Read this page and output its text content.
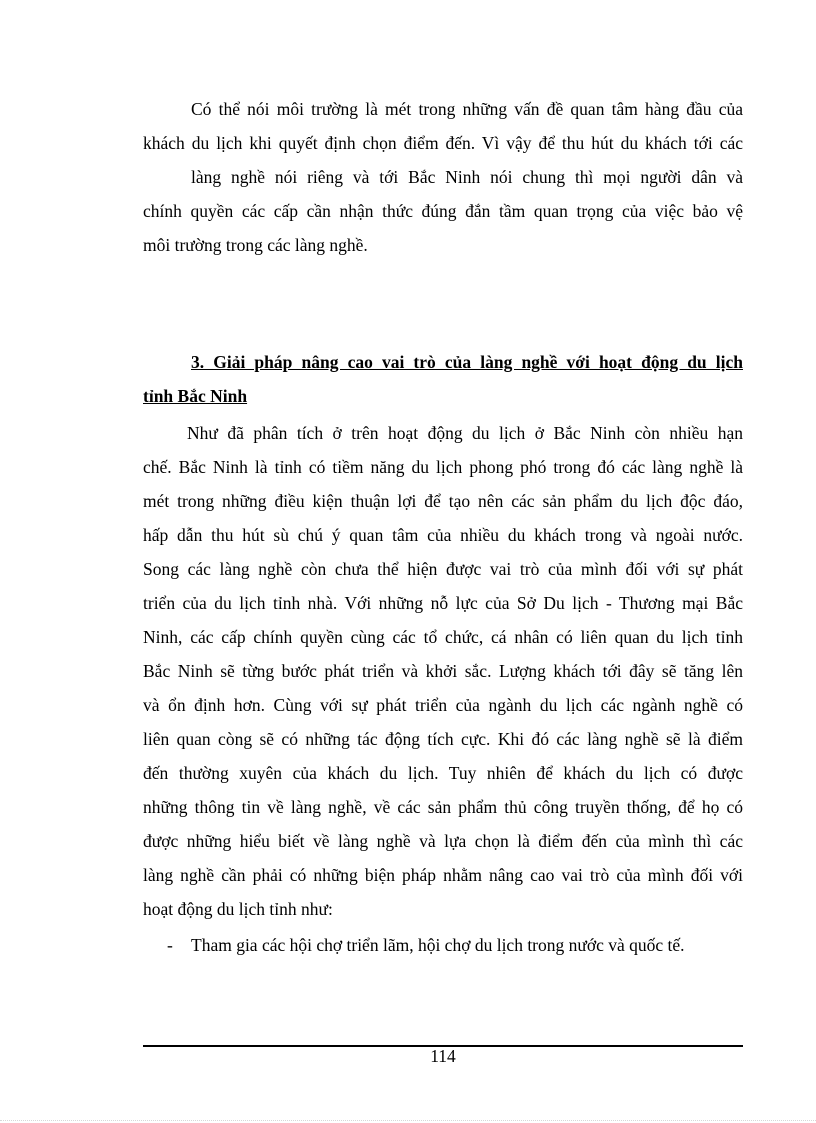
Có thể nói môi trường là mét trong những vấn đề quan tâm hàng đầu của
khách du lịch khi quyết định chọn điểm đến. Vì vậy để thu hút du khách tới các
làng nghề nói riêng và tới Bắc Ninh nói chung thì mọi người dân và
chính quyền các cấp cần nhận thức đúng đắn tầm quan trọng của việc bảo vệ
môi trường trong các làng nghề.
3. Giải pháp nâng cao vai trò của làng nghề với hoạt động du lịch
tỉnh Bắc Ninh
Như đã phân tích ở trên hoạt động du lịch ở Bắc Ninh còn nhiều hạn
chế. Bắc Ninh là tỉnh có tiềm năng du lịch phong phó trong đó các làng nghề là
mét trong những điều kiện thuận lợi để tạo nên các sản phẩm du lịch độc đáo,
hấp dẫn thu hút sù chú ý quan tâm của nhiều du khách trong và ngoài nước.
Song các làng nghề còn chưa thể hiện được vai trò của mình đối với sự phát
triển của du lịch tỉnh nhà. Với những nỗ lực của Sở Du lịch - Thương mại Bắc
Ninh, các cấp chính quyền cùng các tổ chức, cá nhân có liên quan du lịch tỉnh
Bắc Ninh sẽ từng bước phát triển và khởi sắc. Lượng khách tới đây sẽ tăng lên
và ổn định hơn. Cùng với sự phát triển của ngành du lịch các ngành nghề có
liên quan còng sẽ có những tác động tích cực. Khi đó các làng nghề sẽ là điểm
đến thường xuyên của khách du lịch. Tuy nhiên để khách du lịch có được
những thông tin về làng nghề, về các sản phẩm thủ công truyền thống, để họ có
được những hiểu biết về làng nghề và lựa chọn là điểm đến của mình thì các
làng nghề cần phải có những biện pháp nhằm nâng cao vai trò của mình đối với
hoạt động du lịch tỉnh như:
-	Tham gia các hội chợ triển lãm, hội chợ du lịch trong nước và quốc tế.
114
